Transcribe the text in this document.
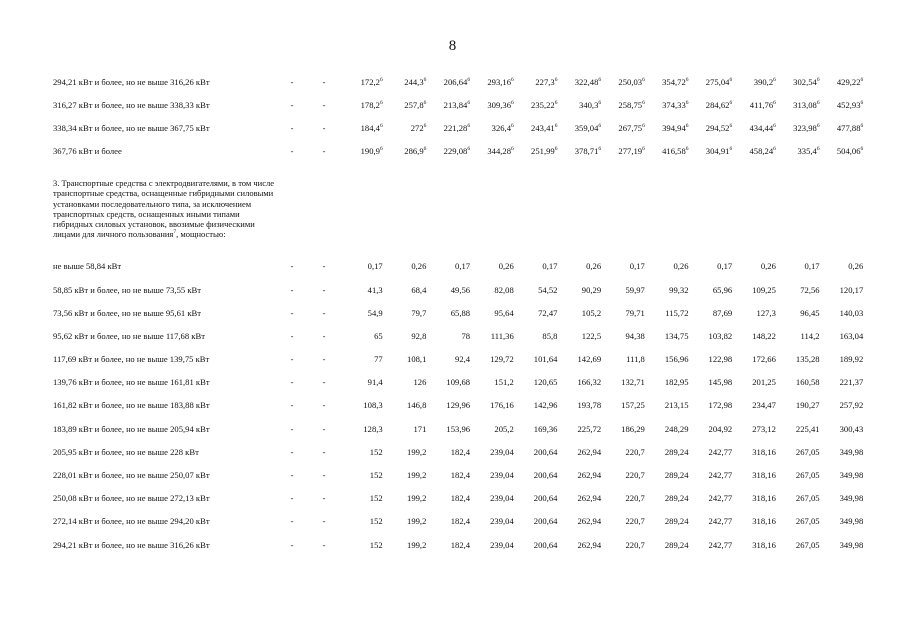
8
294,21 кВт и более, но не выше 316,26 кВт	-	-	172,2$^6$	244,3$^6$	206,64$^6$	293,16$^6$	227,3$^6$	322,48$^6$	250,03$^6$	354,72$^6$	275,04$^6$	390,2$^6$	302,54$^6$	429,22$^6$
316,27 кВт и более, но не выше 338,33 кВт	-	-	178,2$^6$	257,8$^6$	213,84$^6$	309,36$^6$	235,22$^6$	340,3$^6$	258,75$^6$	374,33$^6$	284,62$^6$	411,76$^6$	313,08$^6$	452,93$^6$
338,34 кВт и более, но не выше 367,75 кВт	-	-	184,4$^6$	$272^6$	221,28$^6$	326,4$^6$	243,41$^6$	359,04$^6$	267,75$^6$	394,94$^6$	294,52$^6$	434,44$^6$	323,98$^6$	477,88$^6$
367,76 кВт и более	-	-	190,9$^6$	286,9$^6$	229,08$^6$	344,28$^6$	251,99$^6$	378,71$^6$	277,19$^6$	416,58$^6$	304,91$^6$	458,24$^6$	335,4$^6$	504,06$^6$
3. Транспортные средства с электродвигателями, в том числе транспортные средства, оснащенные гибридными силовыми установками последовательного типа, за исключением транспортных средств, оснащенных иными типами гибридных силовых установок, ввозимые физическими лицами для личного пользования$^7$, мощностью:														
не выше 58,84 кВт	-	-	0,17	0,26	0,17	0,26	0,17	0,26	0,17	0,26	0,17	0,26	0,17	0,26
58,85 кВт и более, но не выше 73,55 кВт	-	-	41,3	68,4	49,56	82,08	54,52	90,29	59,97	99,32	65,96	109,25	72,56	120,17
73,56 кВт и более, но не выше 95,61 кВт	-	-	54,9	79,7	65,88	95,64	72,47	105,2	79,71	115,72	87,69	127,3	96,45	140,03
95,62 кВт и более, но не выше 117,68 кВт	-	-	65	92,8	78	111,36	85,8	122,5	94,38	134,75	103,82	148,22	114,2	163,04
117,69 кВт и более, но не выше 139,75 кВт	-	-	77	108,1	92,4	129,72	101,64	142,69	111,8	156,96	122,98	172,66	135,28	189,92
139,76 кВт и более, но не выше 161,81 кВт	-	-	91,4	126	109,68	151,2	120,65	166,32	132,71	182,95	145,98	201,25	160,58	221,37
161,82 кВт и более, но не выше 183,88 кВт	-	-	108,3	146,8	129,96	176,16	142,96	193,78	157,25	213,15	172,98	234,47	190,27	257,92
183,89 кВт и более, но не выше 205,94 кВт	-	-	128,3	171	153,96	205,2	169,36	225,72	186,29	248,29	204,92	273,12	225,41	300,43
205,95 кВт и более, но не выше 228 кВт	-	-	152	199,2	182,4	239,04	200,64	262,94	220,7	289,24	242,77	318,16	267,05	349,98
228,01 кВт и более, но не выше 250,07 кВт	-	-	152	199,2	182,4	239,04	200,64	262,94	220,7	289,24	242,77	318,16	267,05	349,98
250,08 кВт и более, но не выше 272,13 кВт	-	-	152	199,2	182,4	239,04	200,64	262,94	220,7	289,24	242,77	318,16	267,05	349,98
272,14 кВт и более, но не выше 294,20 кВт	-	-	152	199,2	182,4	239,04	200,64	262,94	220,7	289,24	242,77	318,16	267,05	349,98
294,21 кВт и более, но не выше 316,26 кВт	-	-	152	199,2	182,4	239,04	200,64	262,94	220,7	289,24	242,77	318,16	267,05	349,98
